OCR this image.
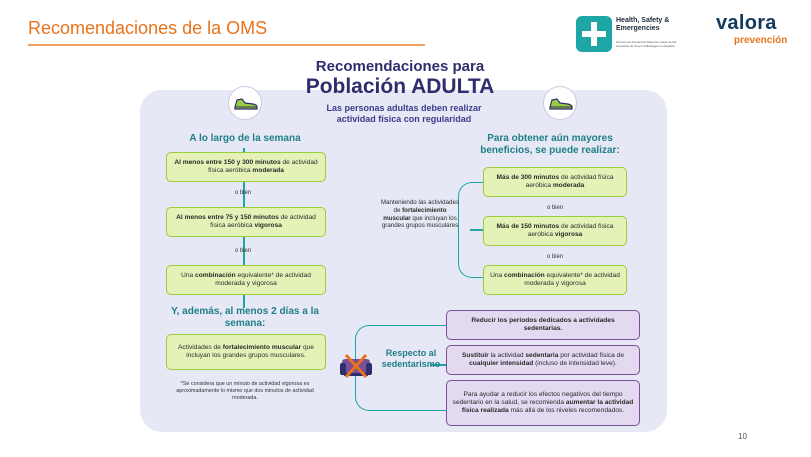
Recomendaciones de la OMS	Health, Safety & Emergencies
Servicio de Prevención Mancomunado de las empresas de Grupo Volkswagen en España
valora
prevención
Recomendaciones para
Población ADULTA
Las personas adultas deben realizar actividad física con regularidad
A lo largo de la semana
Al menos entre 150 y 300 minutos de actividad física aeróbica moderada
o bien
Al menos entre 75 y 150 minutos de actividad física aeróbica vigorosa
o bien
Una combinación equivalente* de actividad moderada y vigorosa
Y, además, al menos 2 días a la semana:
Actividades de fortalecimiento muscular que incluyan los grandes grupos musculares.
*Se considera que un minuto de actividad vigorosa es aproximadamente lo mismo que dos minutos de actividad moderada.
Para obtener aún mayores beneficios, se puede realizar:
Más de 300 minutos de actividad física aeróbica moderada
o bien
Más de 150 minutos de actividad física aeróbica vigorosa
o bien
Una combinación equivalente* de actividad moderada y vigorosa
Manteniendo las actividades de fortalecimiento muscular que incluyan los grandes grupos musculares
Respecto al sedentarismo
Reducir los períodos dedicados a actividades sedentarias.
Sustituir la actividad sedentaria por actividad física de cualquier intensidad (incluso de intensidad leve).
Para ayudar a reducir los efectos negativos del tiempo sedentario en la salud, se recomienda aumentar la actividad física realizada más allá de los niveles recomendados.
10
